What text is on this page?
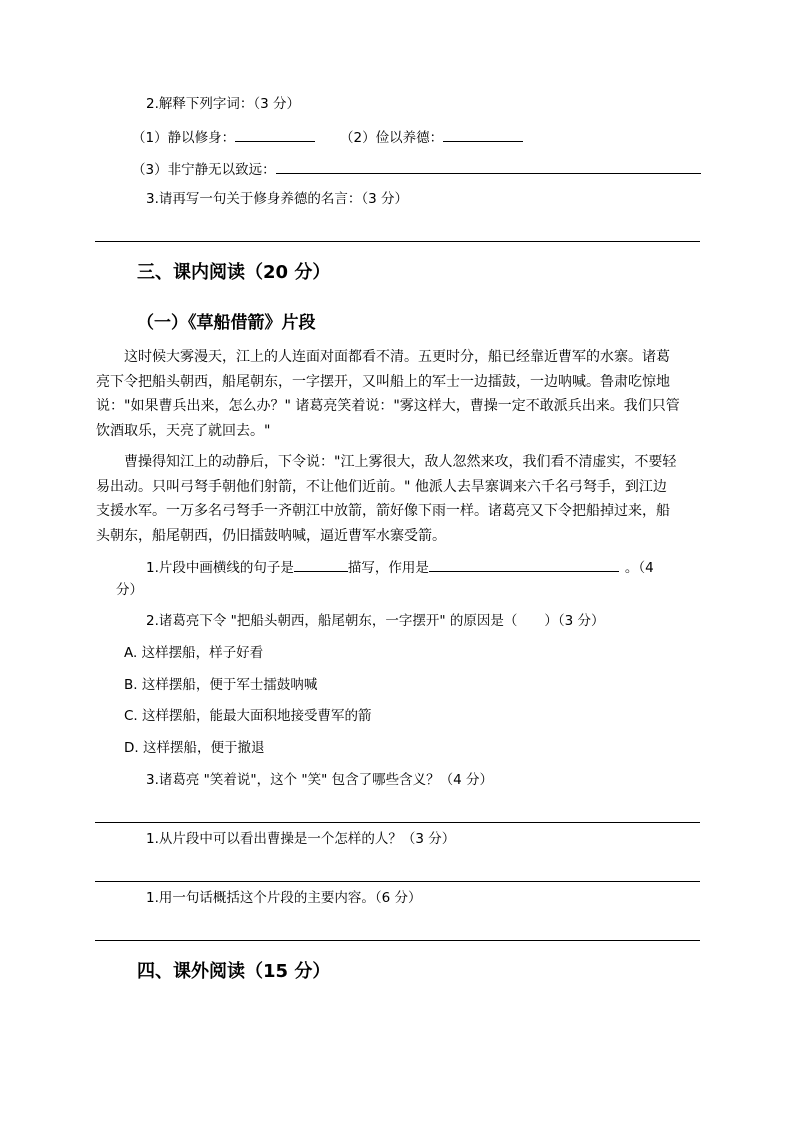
2.解释下列字词：（3 分）
（1）静以修身：	（2）俭以养德：
（3）非宁静无以致远：
3.请再写一句关于修身养德的名言：（3 分）
三、课内阅读（20 分）
（一）《草船借箭》片段
这时候大雾漫天，江上的人连面对面都看不清。五更时分，船已经靠近曹军的水寨。诸葛
亮下令把船头朝西，船尾朝东，一字摆开，又叫船上的军士一边擂鼓，一边呐喊。鲁肃吃惊地
说："如果曹兵出来，怎么办？" 诸葛亮笑着说："雾这样大，曹操一定不敢派兵出来。我们只管
饮酒取乐，天亮了就回去。"
曹操得知江上的动静后，下令说："江上雾很大，敌人忽然来攻，我们看不清虚实，不要轻
易出动。只叫弓弩手朝他们射箭，不让他们近前。" 他派人去旱寨调来六千名弓弩手，到江边
支援水军。一万多名弓弩手一齐朝江中放箭，箭好像下雨一样。诸葛亮又下令把船掉过来，船
头朝东，船尾朝西，仍旧擂鼓呐喊，逼近曹军水寨受箭。
1.片段中画横线的句子是	描写，作用是	。（4
分）
2.诸葛亮下令 "把船头朝西，船尾朝东，一字摆开" 的原因是（　　）（3 分）
A. 这样摆船，样子好看
B. 这样摆船，便于军士擂鼓呐喊
C. 这样摆船，能最大面积地接受曹军的箭
D. 这样摆船，便于撤退
3.诸葛亮 "笑着说"，这个 "笑" 包含了哪些含义？（4 分）
1.从片段中可以看出曹操是一个怎样的人？（3 分）
1.用一句话概括这个片段的主要内容。（6 分）
四、课外阅读（15 分）
